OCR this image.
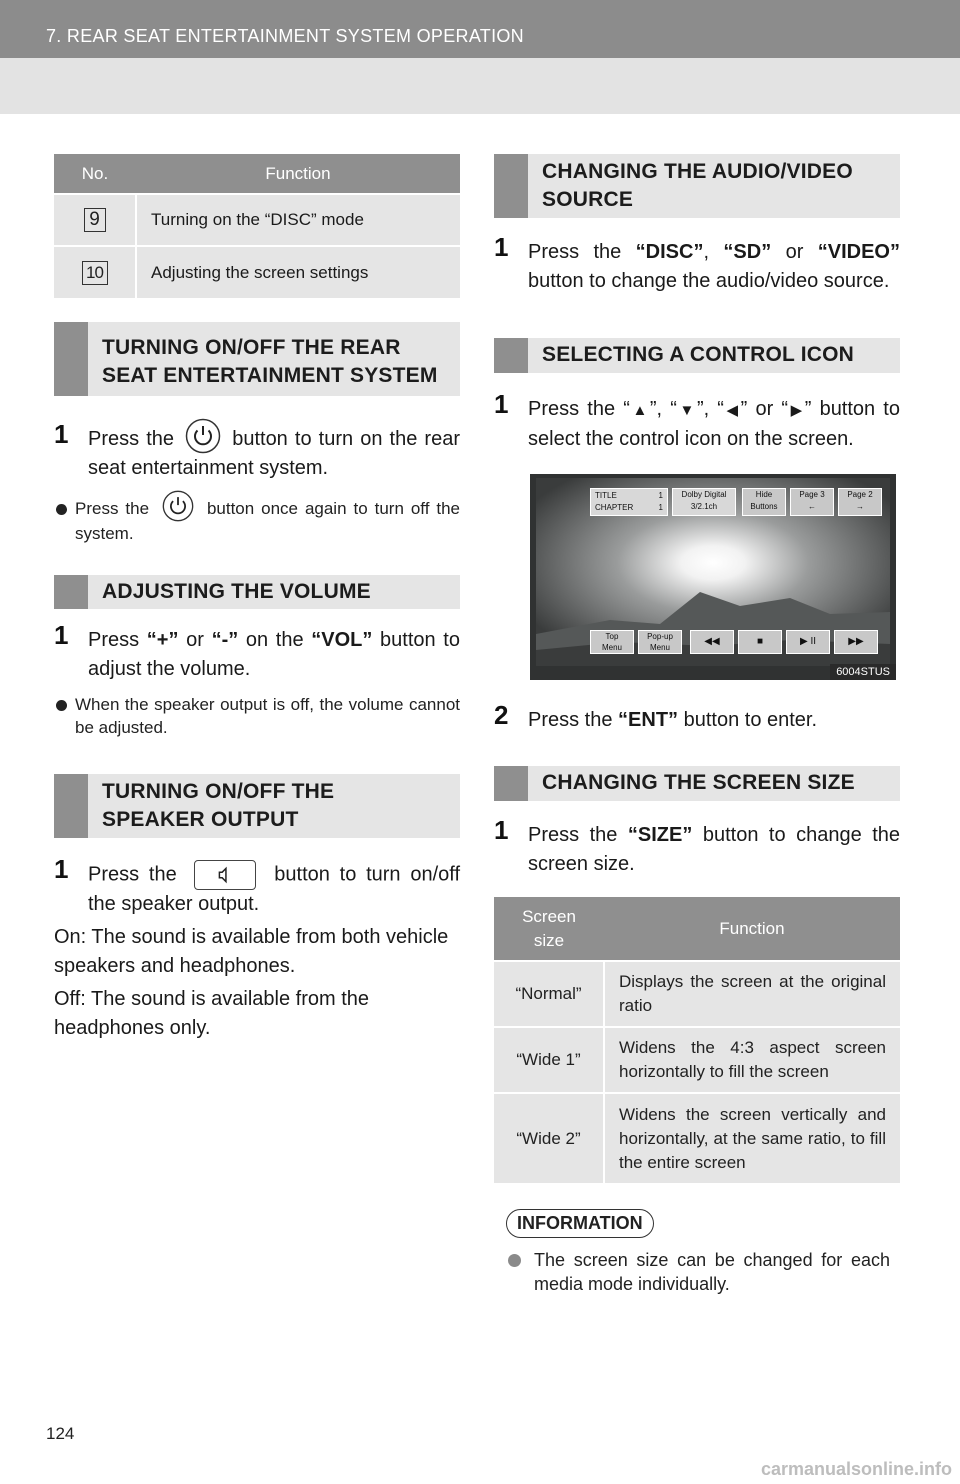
7. REAR SEAT ENTERTAINMENT SYSTEM OPERATION
No.	Function
9	Turning on the “DISC” mode
10	Adjusting the screen settings
TURNING ON/OFF THE REAR SEAT ENTERTAINMENT SYSTEM
1 Press the	button to turn on the rear seat entertainment system.
Press the	button once again to turn off the system.
ADJUSTING THE VOLUME
1 Press “+” or “-” on the “VOL” button to adjust the volume.
When the speaker output is off, the volume cannot be adjusted.
TURNING ON/OFF THE SPEAKER OUTPUT
1 Press the	button to turn on/off the speaker output.

On: The sound is available from both vehicle speakers and headphones.

Off: The sound is available from the headphones only.

CHANGING THE AUDIO/VIDEO SOURCE
1 Press the “DISC”, “SD” or “VIDEO” button to change the audio/video source.
SELECTING A CONTROL ICON
1 Press the “▲”, “▼”, “◀” or “▶” button to select the control icon on the screen.
TITLE	1
CHAPTER	1
Dolby Digital
3/2.1ch
Hide
Buttons
Page 3
←
Page 2
→
Top
Menu
Pop-up
Menu
◀◀	■	▶ II	▶▶
6004STUS
2 Press the “ENT” button to enter.
CHANGING THE SCREEN SIZE
1 Press the “SIZE” button to change the screen size.
Screen size	Function
“Normal”	Displays the screen at the original ratio
“Wide 1”	Widens the 4:3 aspect screen horizontally to fill the screen
“Wide 2”	Widens the screen vertically and horizontally, at the same ratio, to fill the entire screen
INFORMATION
The screen size can be changed for each media mode individually.
124
carmanualsonline.info
